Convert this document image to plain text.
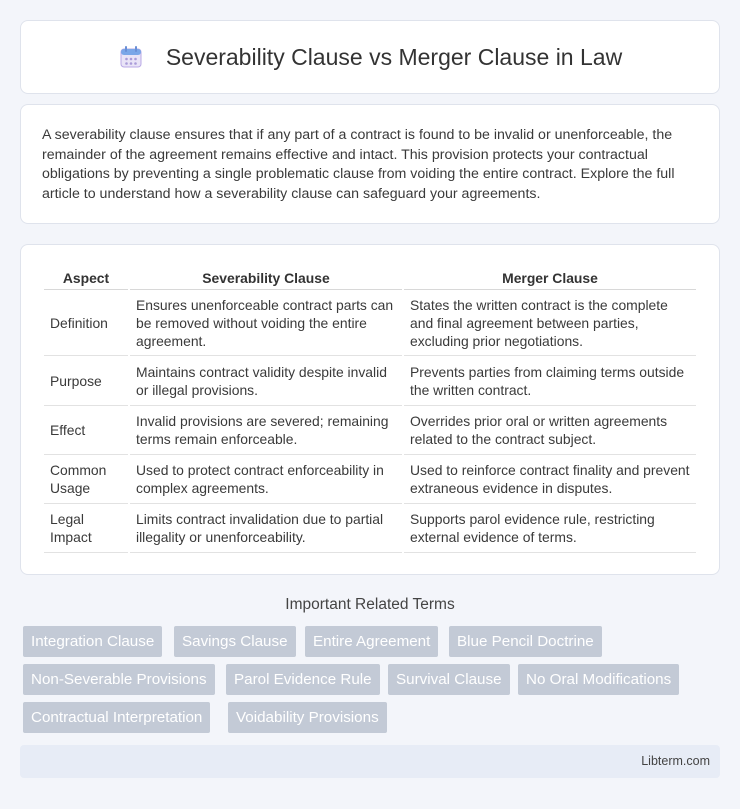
Severability Clause vs Merger Clause in Law

A severability clause ensures that if any part of a contract is found to be invalid or unenforceable, the remainder of the agreement remains effective and intact. This provision protects your contractual obligations by preventing a single problematic clause from voiding the entire contract. Explore the full article to understand how a severability clause can safeguard your agreements.

Aspect	Severability Clause	Merger Clause
Definition	Ensures unenforceable contract parts can be removed without voiding the entire agreement.	States the written contract is the complete and final agreement between parties, excluding prior negotiations.
Purpose	Maintains contract validity despite invalid or illegal provisions.	Prevents parties from claiming terms outside the written contract.
Effect	Invalid provisions are severed; remaining terms remain enforceable.	Overrides prior oral or written agreements related to the contract subject.
Common Usage	Used to protect contract enforceability in complex agreements.	Used to reinforce contract finality and prevent extraneous evidence in disputes.
Legal Impact	Limits contract invalidation due to partial illegality or unenforceability.	Supports parol evidence rule, restricting external evidence of terms.
Important Related Terms
Integration Clause	Savings Clause	Entire Agreement	Blue Pencil Doctrine
Non-Severable Provisions	Parol Evidence Rule	Survival Clause	No Oral Modifications
Contractual Interpretation	Voidability Provisions
Libterm.com
